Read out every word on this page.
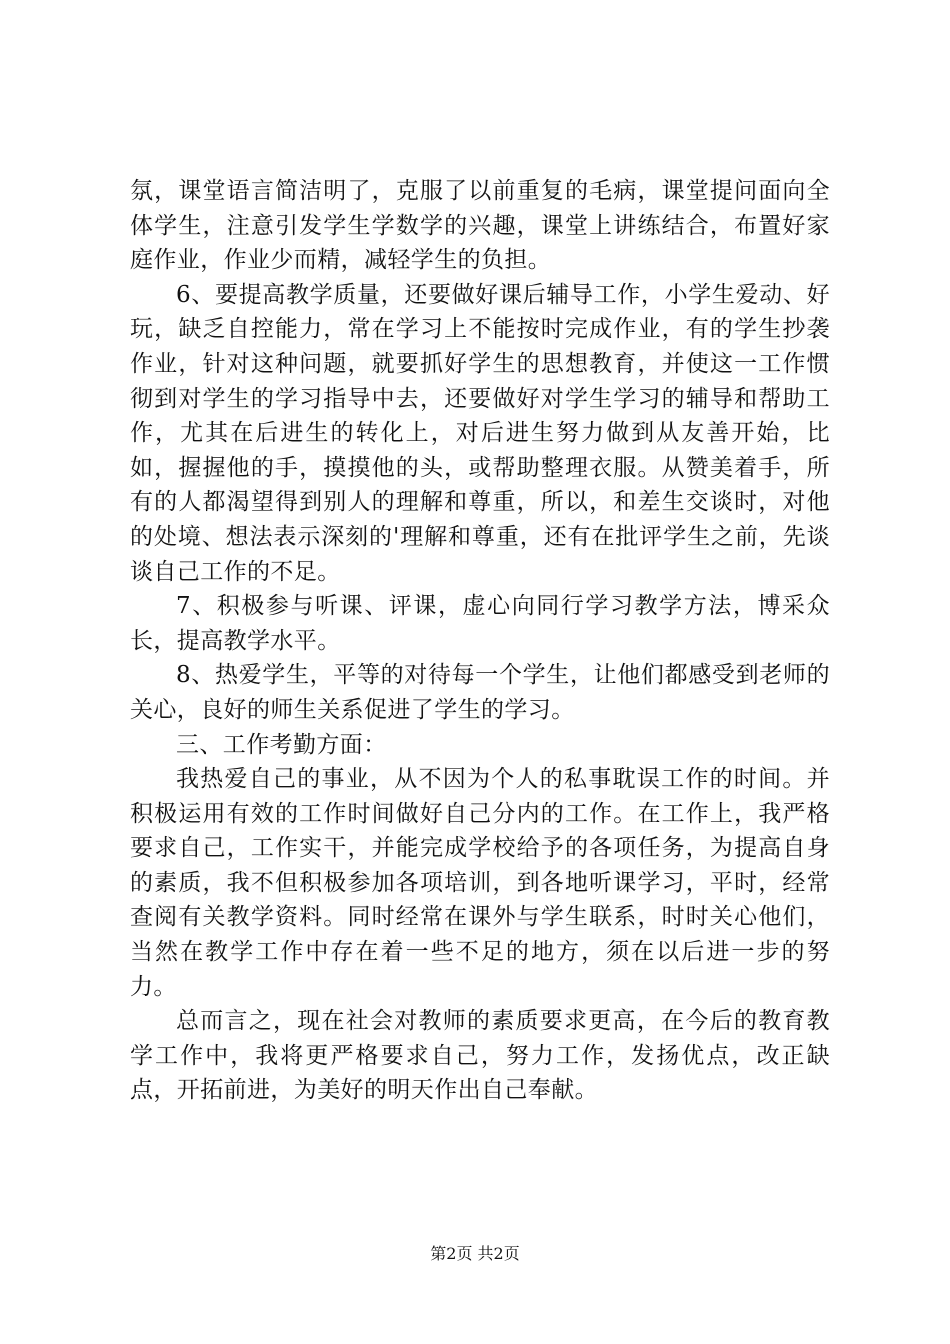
氛，课堂语言简洁明了，克服了以前重复的毛病，课堂提问面向全体学生，注意引发学生学数学的兴趣，课堂上讲练结合，布置好家庭作业，作业少而精，减轻学生的负担。

6、要提高教学质量，还要做好课后辅导工作，小学生爱动、好玩，缺乏自控能力，常在学习上不能按时完成作业，有的学生抄袭作业，针对这种问题，就要抓好学生的思想教育，并使这一工作惯彻到对学生的学习指导中去，还要做好对学生学习的辅导和帮助工作，尤其在后进生的转化上，对后进生努力做到从友善开始，比如，握握他的手，摸摸他的头，或帮助整理衣服。从赞美着手，所有的人都渴望得到别人的理解和尊重，所以，和差生交谈时，对他的处境、想法表示深刻的'理解和尊重，还有在批评学生之前，先谈谈自己工作的不足。

7、积极参与听课、评课，虚心向同行学习教学方法，博采众长，提高教学水平。

8、热爱学生，平等的对待每一个学生，让他们都感受到老师的关心，良好的师生关系促进了学生的学习。

三、工作考勤方面：

我热爱自己的事业，从不因为个人的私事耽误工作的时间。并积极运用有效的工作时间做好自己分内的工作。在工作上，我严格要求自己，工作实干，并能完成学校给予的各项任务，为提高自身的素质，我不但积极参加各项培训，到各地听课学习，平时，经常查阅有关教学资料。同时经常在课外与学生联系，时时关心他们，当然在教学工作中存在着一些不足的地方，须在以后进一步的努力。

总而言之，现在社会对教师的素质要求更高，在今后的教育教学工作中，我将更严格要求自己，努力工作，发扬优点，改正缺点，开拓前进，为美好的明天作出自己奉献。

第2页 共2页
